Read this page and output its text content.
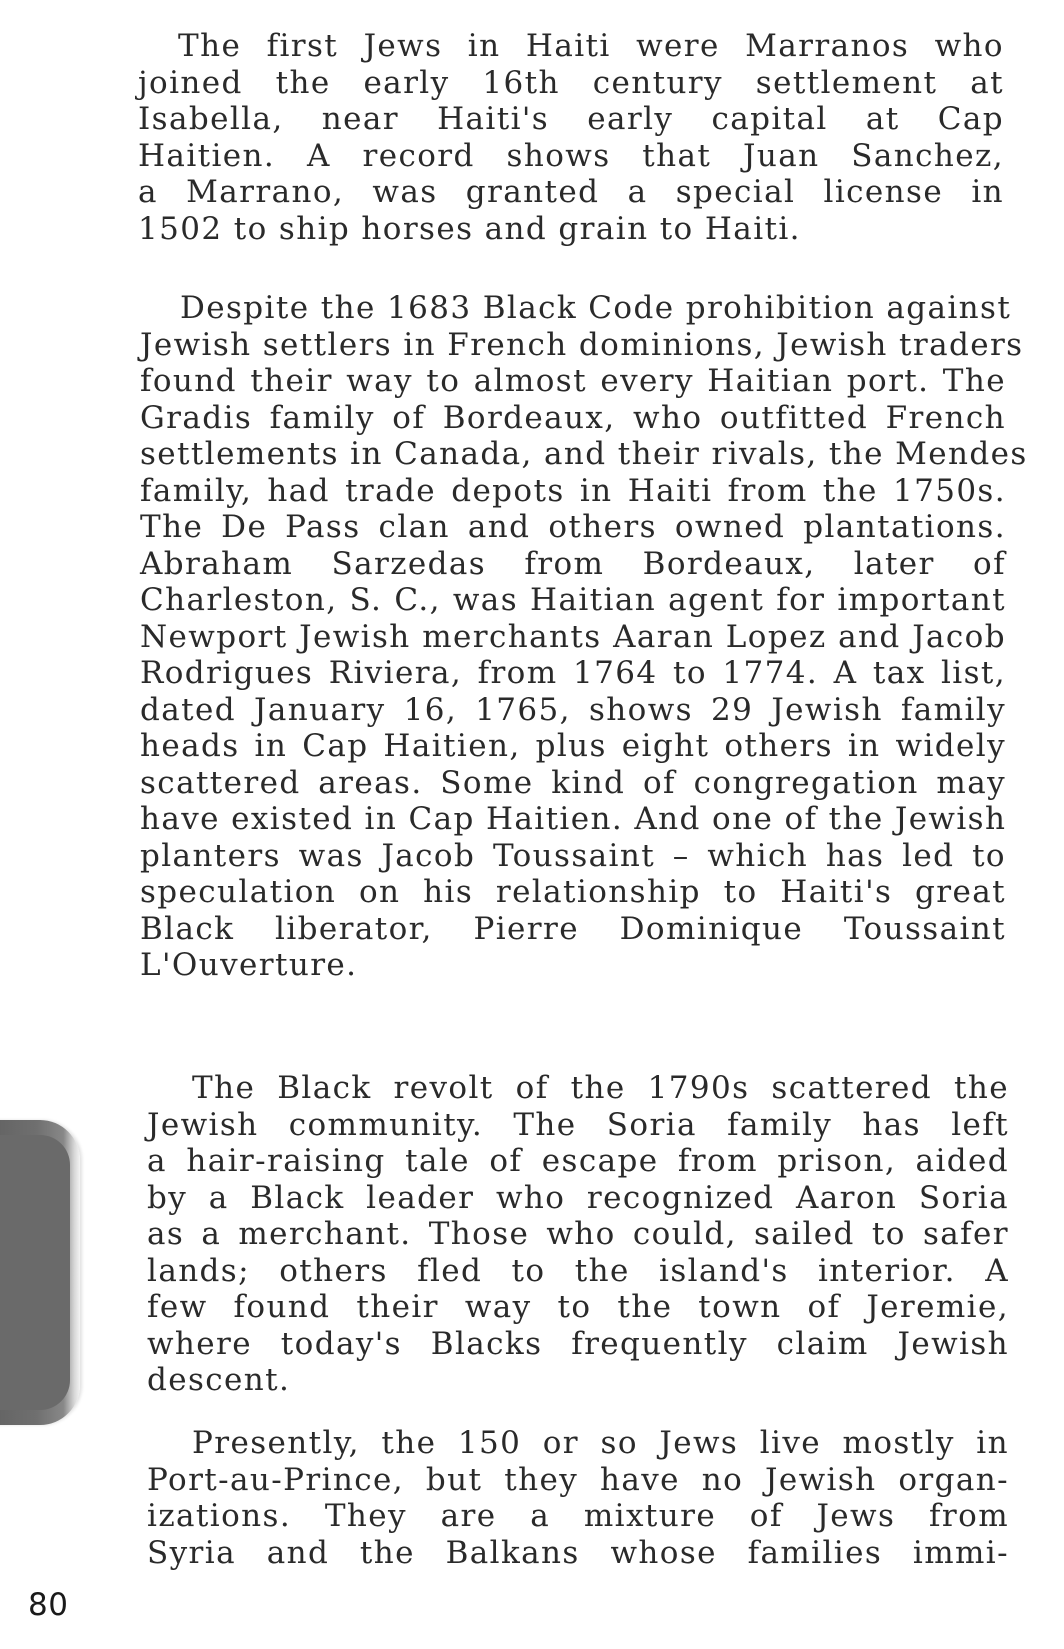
The first Jews in Haiti were Marranos who
joined the early 16th century settlement at
Isabella, near Haiti's early capital at Cap
Haitien. A record shows that Juan Sanchez,
a Marrano, was granted a special license in
1502 to ship horses and grain to Haiti.

Despite the 1683 Black Code prohibition against
Jewish settlers in French dominions, Jewish traders
found their way to almost every Haitian port. The
Gradis family of Bordeaux, who outfitted French
settlements in Canada, and their rivals, the Mendes
family, had trade depots in Haiti from the 1750s.
The De Pass clan and others owned plantations.
Abraham Sarzedas from Bordeaux, later of
Charleston, S. C., was Haitian agent for important
Newport Jewish merchants Aaran Lopez and Jacob
Rodrigues Riviera, from 1764 to 1774. A tax list,
dated January 16, 1765, shows 29 Jewish family
heads in Cap Haitien, plus eight others in widely
scattered areas. Some kind of congregation may
have existed in Cap Haitien. And one of the Jewish
planters was Jacob Toussaint – which has led to
speculation on his relationship to Haiti's great
Black liberator, Pierre Dominique Toussaint
L'Ouverture.

The Black revolt of the 1790s scattered the
Jewish community. The Soria family has left
a hair-raising tale of escape from prison, aided
by a Black leader who recognized Aaron Soria
as a merchant. Those who could, sailed to safer
lands; others fled to the island's interior. A
few found their way to the town of Jeremie,
where today's Blacks frequently claim Jewish
descent.

Presently, the 150 or so Jews live mostly in
Port-au-Prince, but they have no Jewish organ-
izations. They are a mixture of Jews from
Syria and the Balkans whose families immi-

80
